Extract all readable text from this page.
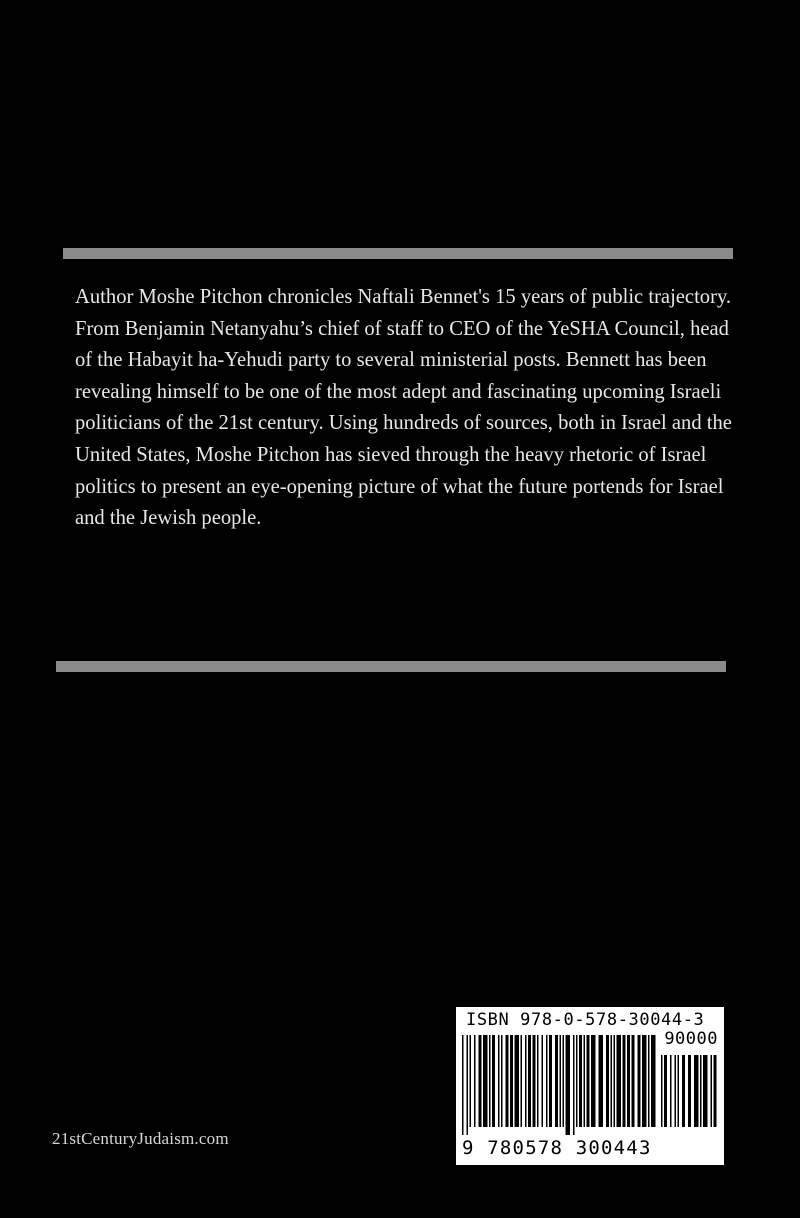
Author Moshe Pitchon chronicles Naftali Bennet's 15 years of public trajectory. From Benjamin Netanyahu’s chief of staff to CEO of the YeSHA Council, head of the Habayit ha-Yehudi party to several ministerial posts. Bennett has been revealing himself to be one of the most adept and fascinating upcoming Israeli politicians of the 21st century. Using hundreds of sources, both in Israel and the United States, Moshe Pitchon has sieved through the heavy rhetoric of Israel politics to present an eye-opening picture of what the future portends for Israel and the Jewish people.

21stCenturyJudaism.com
ISBN 978-0-578-30044-3
90000
9 780578 300443
